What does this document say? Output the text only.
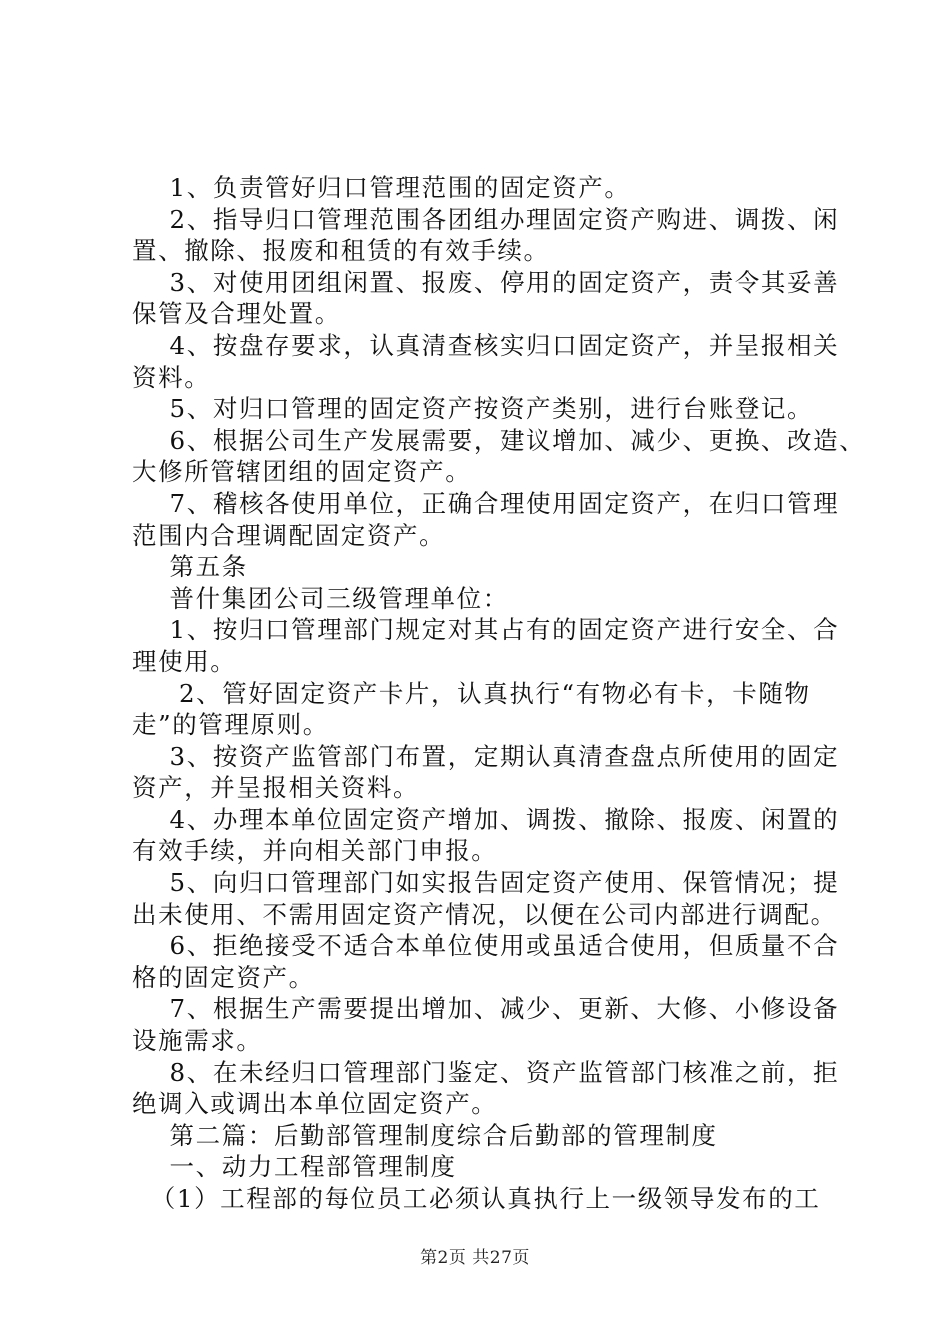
1、负责管好归口管理范围的固定资产。
2、指导归口管理范围各团组办理固定资产购进、调拨、闲
置、撤除、报废和租赁的有效手续。
3、对使用团组闲置、报废、停用的固定资产，责令其妥善
保管及合理处置。
4、按盘存要求，认真清查核实归口固定资产，并呈报相关
资料。
5、对归口管理的固定资产按资产类别，进行台账登记。
6、根据公司生产发展需要，建议增加、减少、更换、改造、
大修所管辖团组的固定资产。
7、稽核各使用单位，正确合理使用固定资产，在归口管理
范围内合理调配固定资产。
第五条
普什集团公司三级管理单位：
1、按归口管理部门规定对其占有的固定资产进行安全、合
理使用。
2、管好固定资产卡片，认真执行“有物必有卡，卡随物
走”的管理原则。
3、按资产监管部门布置，定期认真清查盘点所使用的固定
资产，并呈报相关资料。
4、办理本单位固定资产增加、调拨、撤除、报废、闲置的
有效手续，并向相关部门申报。
5、向归口管理部门如实报告固定资产使用、保管情况；提
出未使用、不需用固定资产情况，以便在公司内部进行调配。
6、拒绝接受不适合本单位使用或虽适合使用，但质量不合
格的固定资产。
7、根据生产需要提出增加、减少、更新、大修、小修设备
设施需求。
8、在未经归口管理部门鉴定、资产监管部门核准之前，拒
绝调入或调出本单位固定资产。
第二篇：后勤部管理制度综合后勤部的管理制度
一、动力工程部管理制度
（1）工程部的每位员工必须认真执行上一级领导发布的工
第2页 共27页
